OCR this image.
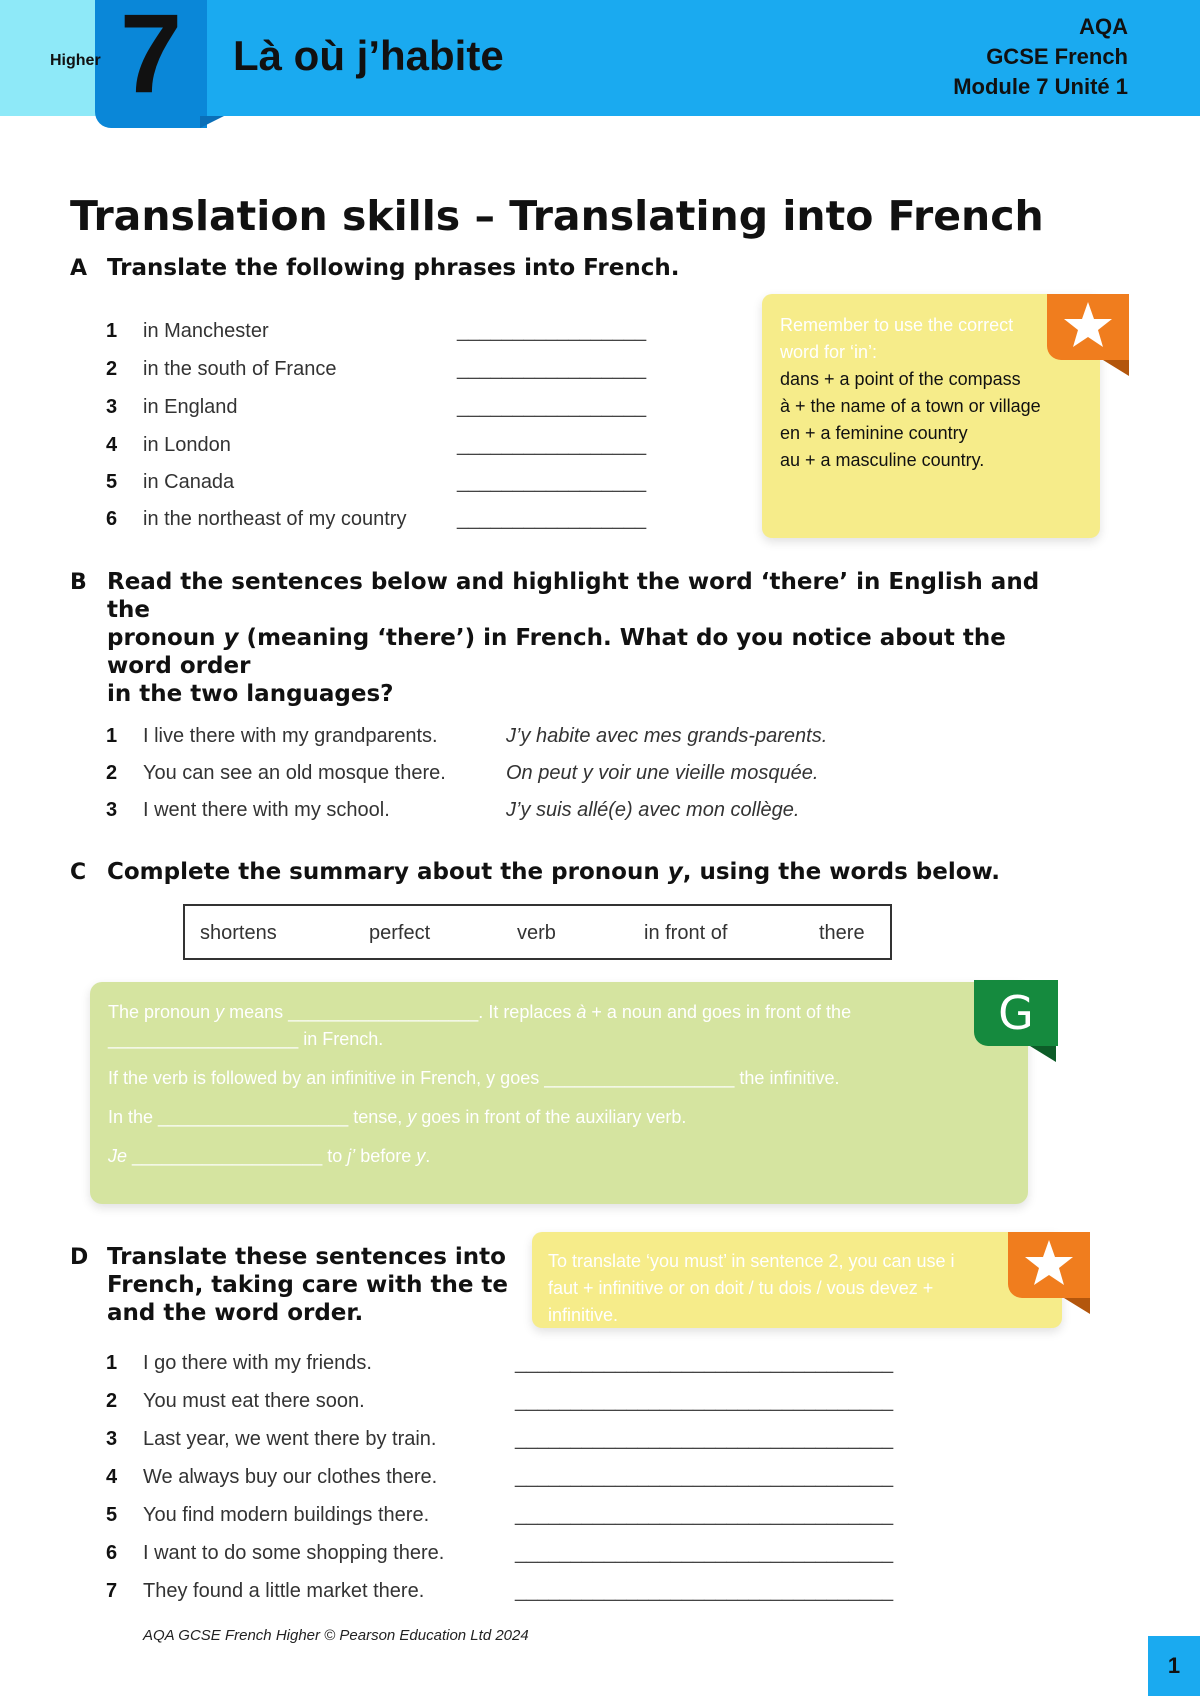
Higher 7	Là où j’habite
AQA
GCSE French
Module 7 Unité 1
Translation skills – Translating into French
A Translate the following phrases into French.
1 in Manchester	_________________
2 in the south of France	_________________
3 in England	_________________
4 in London	_________________
5 in Canada	_________________
6 in the northeast of my country	_________________
Remember to use the correct
word for ‘in’:
dans + a point of the compass
à + the name of a town or village
en + a feminine country
au + a masculine country.
B Read the sentences below and highlight the word ‘there’ in English and
the
pronoun y (meaning ‘there’) in French. What do you notice about the
word order
in the two languages?
1 I live there with my grandparents.	J’y habite avec mes grands-parents.
2 You can see an old mosque there.	On peut y voir une vieille mosquée.
3 I went there with my school.	J’y suis allé(e) avec mon collège.
C Complete the summary about the pronoun y, using the words below.
shortens	perfect	verb	in front of	there
The pronoun y means ___________________. It replaces à + a noun and goes in front of the
___________________ in French.
If the verb is followed by an infinitive in French, y goes ___________________ the infinitive.
In the ___________________ tense, y goes in front of the auxiliary verb.
Je ___________________ to j’ before y.
G
D Translate these sentences into
French, taking care with the te
and the word order.
To translate ‘you must’ in sentence 2, you can use i
faut + infinitive or on doit / tu dois / vous devez +
infinitive.
1 I go there with my friends.	__________________________________
2 You must eat there soon.	__________________________________
3 Last year, we went there by train.	__________________________________
4 We always buy our clothes there.	__________________________________
5 You find modern buildings there.	__________________________________
6 I want to do some shopping there.	__________________________________
7 They found a little market there.	__________________________________
AQA GCSE French Higher © Pearson Education Ltd 2024
1
